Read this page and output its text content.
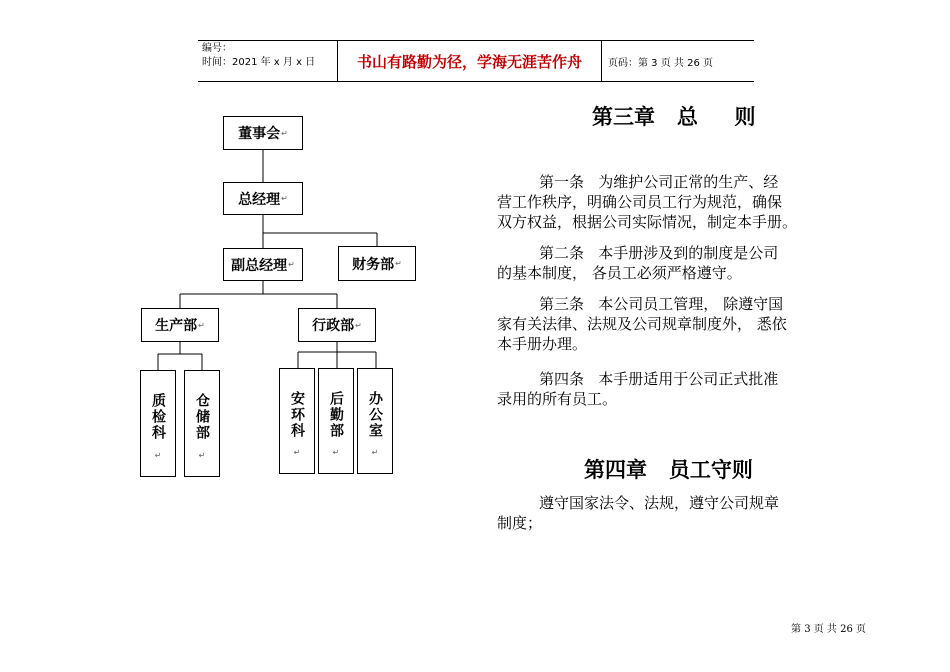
编号：
时间：2021 年 x 月 x 日	书山有路勤为径，学海无涯苦作舟	页码：第 3 页 共 26 页
董事会 ↵
总经理 ↵
副总经理 ↵	财务部 ↵
生产部 ↵	行政部 ↵
质检科
↵
仓储部
↵
安环科
↵
后勤部
↵
办公室
↵
第三章   总     则
第一条   为维护公司正常的生产、经
营工作秩序，明确公司员工行为规范，确保
双方权益，根据公司实际情况，制定本手册。
第二条   本手册涉及到的制度是公司
的基本制度， 各员工必须严格遵守。
第三条   本公司员工管理， 除遵守国
家有关法律、法规及公司规章制度外， 悉依
本手册办理。
第四条   本手册适用于公司正式批准
录用的所有员工。
第四章   员工守则
遵守国家法令、法规，遵守公司规章
制度；
第 3 页 共 26 页
